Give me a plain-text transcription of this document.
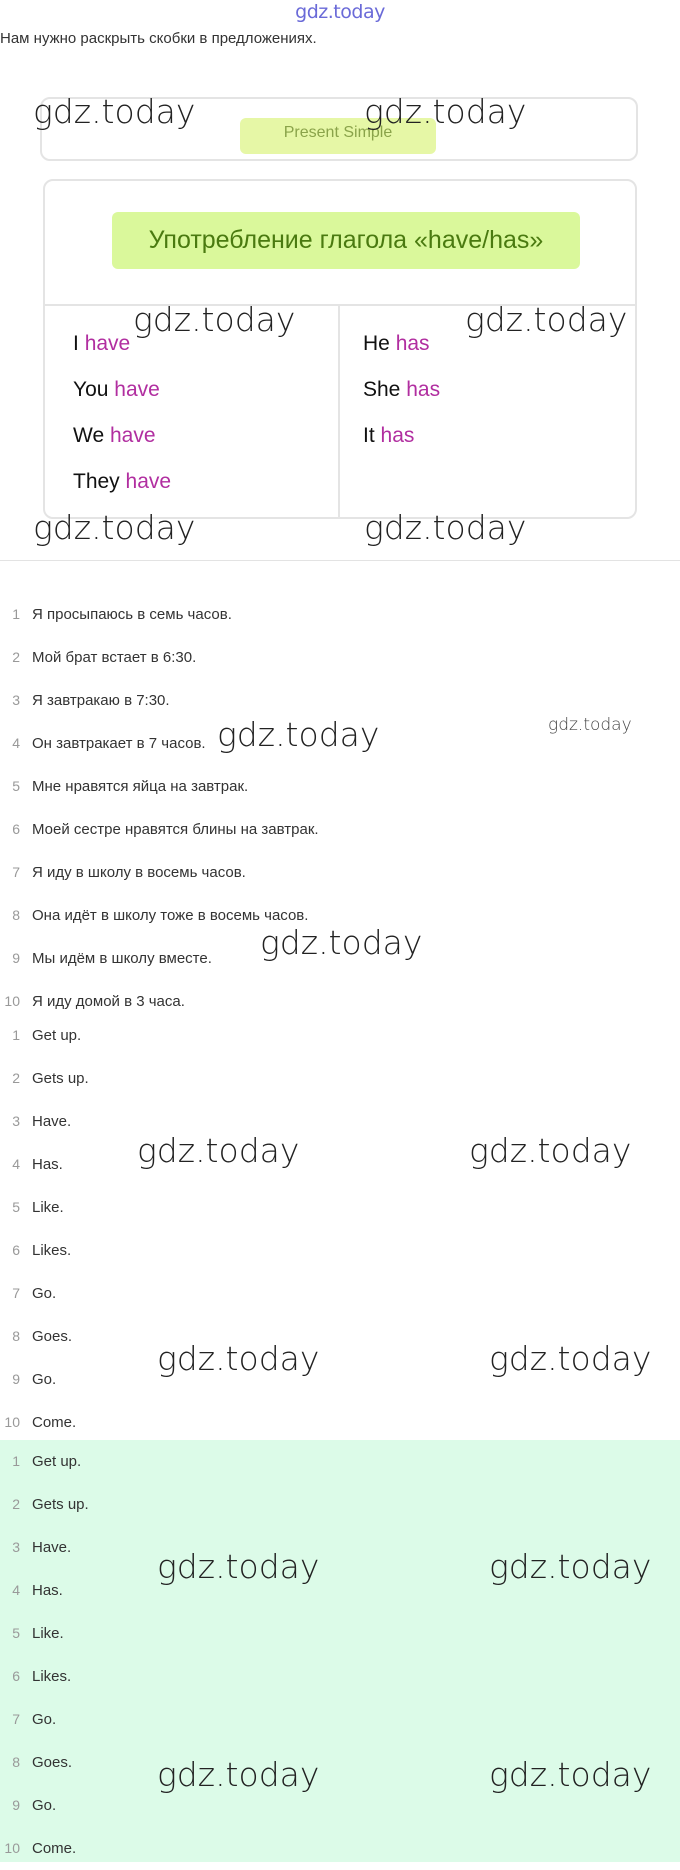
gdz.today
Нам нужно раскрыть скобки в предложениях.
Present Simple
Употребление глагола «have/has»
I have
You have
We have
They have
He has
She has
It has
1 Я просыпаюсь в семь часов.
2 Мой брат встает в 6:30.
3 Я завтракаю в 7:30.
4 Он завтракает в 7 часов.
5 Мне нравятся яйца на завтрак.
6 Моей сестре нравятся блины на завтрак.
7 Я иду в школу в восемь часов.
8 Она идёт в школу тоже в восемь часов.
9 Мы идём в школу вместе.
10 Я иду домой в 3 часа.
1 Get up.
2 Gets up.
3 Have.
4 Has.
5 Like.
6 Likes.
7 Go.
8 Goes.
9 Go.
10 Come.
1 Get up.
2 Gets up.
3 Have.
4 Has.
5 Like.
6 Likes.
7 Go.
8 Goes.
9 Go.
10 Come.
gdz.today	gdz.today
gdz.today	gdz.today
gdz.today	gdz.today
gdz.today	gdz.today
gdz.today
gdz.today	gdz.today
gdz.today	gdz.today
gdz.today	gdz.today
gdz.today	gdz.today
